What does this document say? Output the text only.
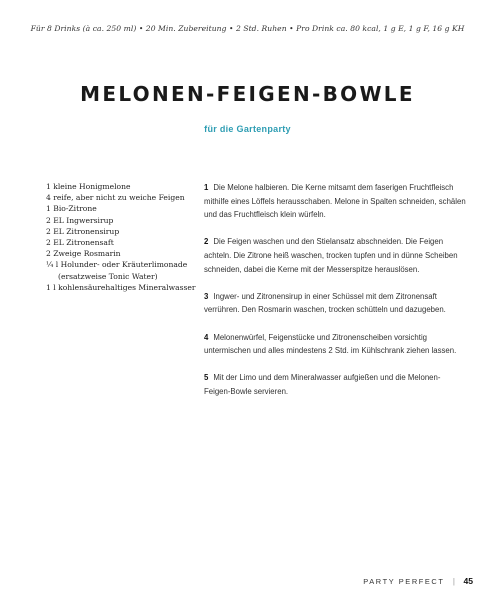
Für 8 Drinks (à ca. 250 ml) • 20 Min. Zubereitung • 2 Std. Ruhen • Pro Drink ca. 80 kcal, 1 g E, 1 g F, 16 g KH
MELONEN-FEIGEN-BOWLE
für die Gartenparty
1 kleine Honigmelone
4 reife, aber nicht zu weiche Feigen
1 Bio-Zitrone
2 EL Ingwersirup
2 EL Zitronensirup
2 EL Zitronensaft
2 Zweige Rosmarin
¼ l Holunder- oder Kräuterlimonade (ersatzweise Tonic Water)
1 l kohlensäurehaltiges Mineralwasser

1 Die Melone halbieren. Die Kerne mitsamt dem faserigen Fruchtfleisch mithilfe eines Löffels herausschaben. Melone in Spalten schneiden, schälen und das Fruchtfleisch klein würfeln.

2 Die Feigen waschen und den Stielansatz abschneiden. Die Feigen achteln. Die Zitrone heiß waschen, trocken tupfen und in dünne Scheiben schneiden, dabei die Kerne mit der Messerspitze herauslösen.

3 Ingwer- und Zitronensirup in einer Schüssel mit dem Zitronensaft verrühren. Den Rosmarin waschen, trocken schütteln und dazugeben.

4 Melonenwürfel, Feigenstücke und Zitronenscheiben vorsichtig untermischen und alles mindestens 2 Std. im Kühlschrank ziehen lassen.

5 Mit der Limo und dem Mineralwasser aufgießen und die Melonen-Feigen-Bowle servieren.

PARTY PERFECT | 45
